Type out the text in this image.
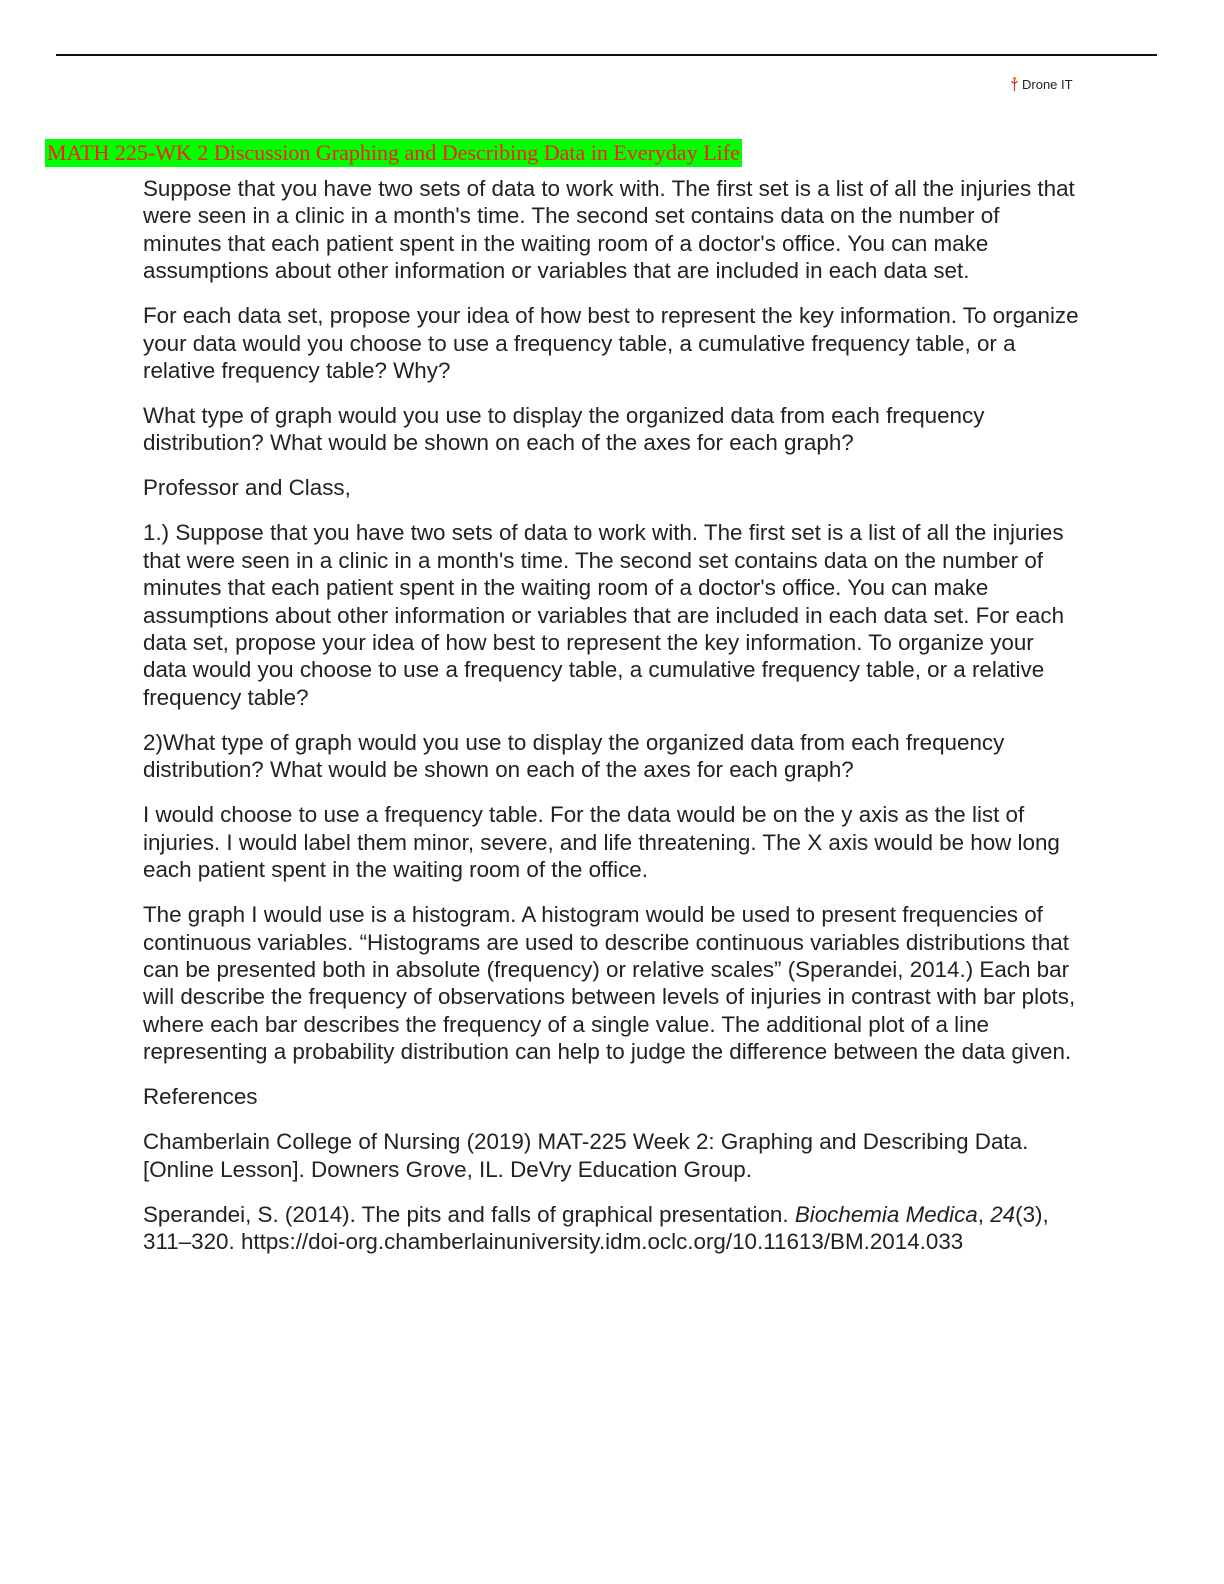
Drone IT
MATH 225-WK 2 Discussion Graphing and Describing Data in Everyday Life

Suppose that you have two sets of data to work with. The first set is a list of all the injuries that were seen in a clinic in a month's time. The second set contains data on the number of minutes that each patient spent in the waiting room of a doctor's office. You can make assumptions about other information or variables that are included in each data set.

For each data set, propose your idea of how best to represent the key information. To organize your data would you choose to use a frequency table, a cumulative frequency table, or a relative frequency table? Why?

What type of graph would you use to display the organized data from each frequency distribution? What would be shown on each of the axes for each graph?

Professor and Class,

1.) Suppose that you have two sets of data to work with. The first set is a list of all the injuries that were seen in a clinic in a month's time. The second set contains data on the number of minutes that each patient spent in the waiting room of a doctor's office. You can make assumptions about other information or variables that are included in each data set. For each data set, propose your idea of how best to represent the key information. To organize your data would you choose to use a frequency table, a cumulative frequency table, or a relative frequency table?

2)What type of graph would you use to display the organized data from each frequency distribution? What would be shown on each of the axes for each graph?

I would choose to use a frequency table. For the data would be on the y axis as the list of injuries. I would label them minor, severe, and life threatening. The X axis would be how long each patient spent in the waiting room of the office.

The graph I would use is a histogram. A histogram would be used to present frequencies of continuous variables. “Histograms are used to describe continuous variables distributions that can be presented both in absolute (frequency) or relative scales” (Sperandei, 2014.) Each bar will describe the frequency of observations between levels of injuries in contrast with bar plots, where each bar describes the frequency of a single value. The additional plot of a line representing a probability distribution can help to judge the difference between the data given.

References

Chamberlain College of Nursing (2019) MAT-225 Week 2: Graphing and Describing Data. [Online Lesson]. Downers Grove, IL. DeVry Education Group.

Sperandei, S. (2014). The pits and falls of graphical presentation. Biochemia Medica, 24(3), 311–320. https://doi-org.chamberlainuniversity.idm.oclc.org/10.11613/BM.2014.033
